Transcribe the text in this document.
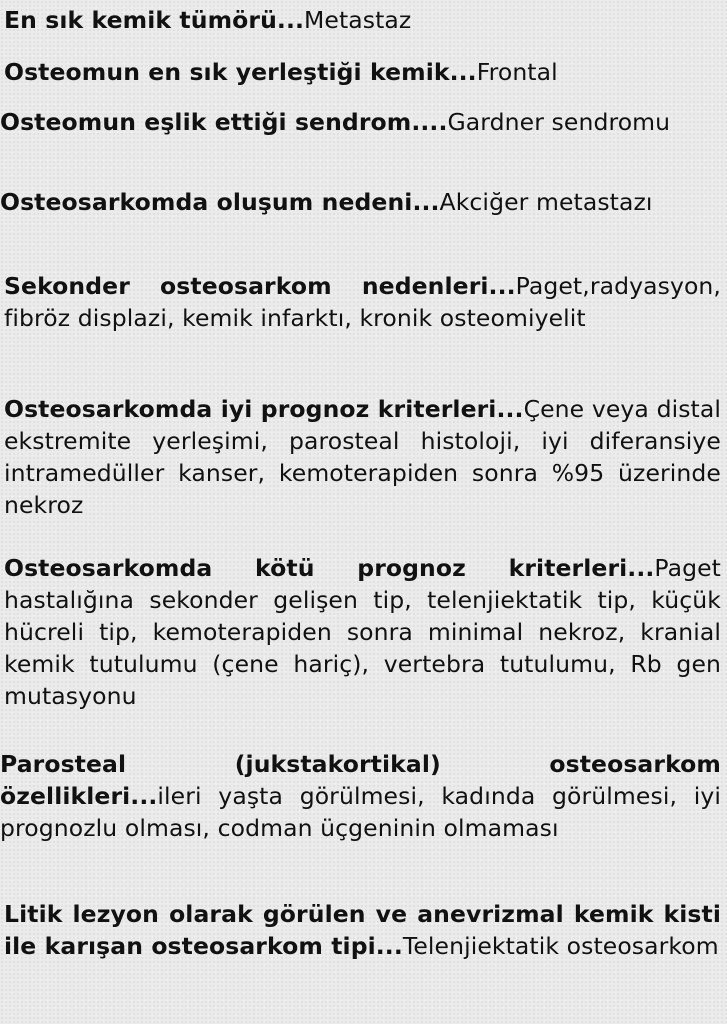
En sık kemik tümörü...Metastaz
Osteomun en sık yerleştiği kemik...Frontal
Osteomun eşlik ettiği sendrom....Gardner sendromu
Osteosarkomda oluşum nedeni...Akciğer metastazı
Sekonder osteosarkom nedenleri...Paget,radyasyon, fibröz displazi, kemik infarktı, kronik osteomiyelit
Osteosarkomda iyi prognoz kriterleri...Çene veya distal ekstremite yerleşimi, parosteal histoloji, iyi diferansiye intramedüller kanser, kemoterapiden sonra %95 üzerinde nekroz
Osteosarkomda kötü prognoz kriterleri...Paget hastalığına sekonder gelişen tip, telenjiektatik tip, küçük hücreli tip, kemoterapiden sonra minimal nekroz, kranial kemik tutulumu (çene hariç), vertebra tutulumu, Rb gen mutasyonu
Parosteal (jukstakortikal) osteosarkom özellikleri...ileri yaşta görülmesi, kadında görülmesi, iyi prognozlu olması, codman üçgeninin olmaması
Litik lezyon olarak görülen ve anevrizmal kemik kisti ile karışan osteosarkom tipi...Telenjiektatik osteosarkom
